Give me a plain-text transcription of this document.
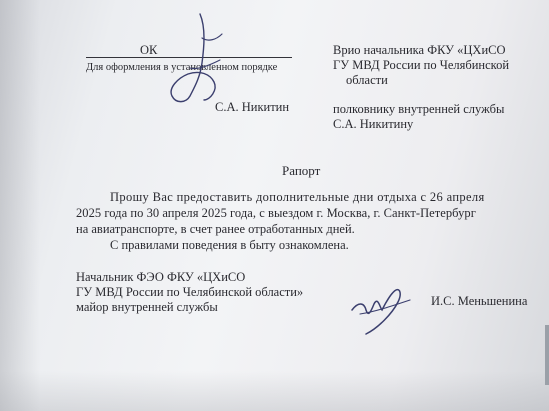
ОК
Для оформления в установленном порядке
С.А. Никитин
Врио начальника ФКУ «ЦХиСО
ГУ МВД России по Челябинской
области
полковнику внутренней службы
С.А. Никитину
Рапорт
Прошу Вас предоставить дополнительные дни отдыха с 26 апреля
2025 года по 30 апреля 2025 года, с выездом г. Москва, г. Санкт-Петербург
на авиатранспорте, в счет ранее отработанных дней.
С правилами поведения в быту ознакомлена.
Начальник ФЭО ФКУ «ЦХиСО
ГУ МВД России по Челябинской области»
майор внутренней службы	И.С. Меньшенина
